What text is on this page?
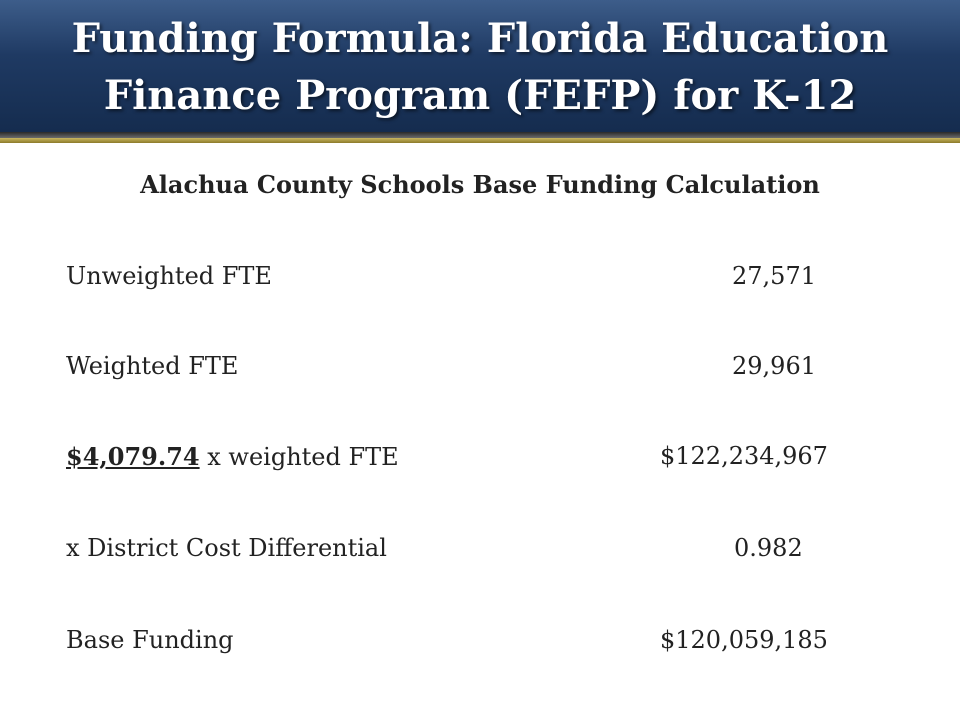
Funding Formula: Florida Education
Finance Program (FEFP) for K-12
Alachua County Schools Base Funding Calculation
Unweighted FTE	27,571
Weighted FTE	29,961
$4,079.74 x weighted FTE	$122,234,967
x District Cost Differential	0.982
Base Funding	$120,059,185
